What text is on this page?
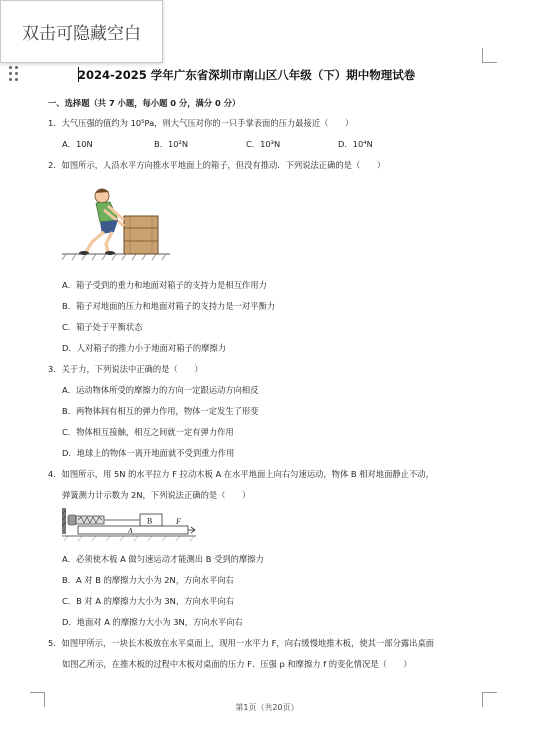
双击可隐藏空白
2024-2025 学年广东省深圳市南山区八年级（下）期中物理试卷
一、选择题（共 7 小题，每小题 0 分，满分 0 分）
1．大气压强的值约为 10⁵Pa，则大气压对你的一只手掌表面的压力最接近（　　）
A．10N	B．10²N	C．10³N	D．10⁴N
2．如图所示，人沿水平方向推水平地面上的箱子，但没有推动．下列说法正确的是（　　）
A．箱子受到的重力和地面对箱子的支持力是相互作用力
B．箱子对地面的压力和地面对箱子的支持力是一对平衡力
C．箱子处于平衡状态
D．人对箱子的推力小于地面对箱子的摩擦力
3．关于力，下列说法中正确的是（　　）
A．运动物体所受的摩擦力的方向一定跟运动方向相反
B．两物体间有相互的弹力作用，物体一定发生了形变
C．物体相互接触，相互之间就一定有弹力作用
D．地球上的物体一离开地面就不受到重力作用
4．如图所示，用 5N 的水平拉力 F 拉动木板 A 在水平地面上向右匀速运动，物体 B 相对地面静止不动，
弹簧测力计示数为 2N，下列说法正确的是（　　）
B
A
F
A．必须使木板 A 做匀速运动才能测出 B 受到的摩擦力
B．A 对 B 的摩擦力大小为 2N，方向水平向右
C．B 对 A 的摩擦力大小为 3N，方向水平向右
D．地面对 A 的摩擦力大小为 3N，方向水平向右
5．如图甲所示，一块长木板放在水平桌面上，现用一水平力 F，向右缓慢地推木板，使其一部分露出桌面
如图乙所示，在推木板的过程中木板对桌面的压力 F、压强 p 和摩擦力 f 的变化情况是（　　）
第1页（共20页）
